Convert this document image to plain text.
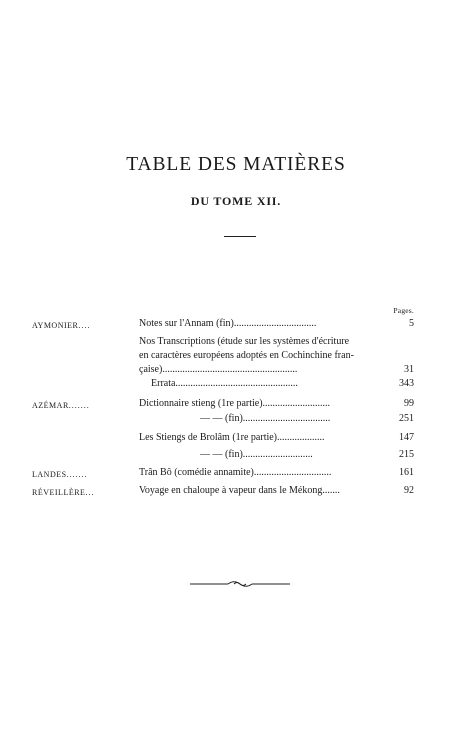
TABLE DES MATIÈRES
DU TOME XII.
Pages.
AYMONIER....	Notes sur l'Annam (fin).................................	5
Nos Transcriptions (étude sur les systèmes d'écriture
en caractères européens adoptés en Cochinchine fran-
çaise)......................................................	31
Errata.................................................	343
AZÉMAR.......	Dictionnaire stieng (1re partie)...........................	99
— — (fin)...................................	251
Les Stiengs de Brolâm (1re partie)...................	147
— — (fin)............................	215
LANDES.......	Trân Bô (comédie annamite)...............................	161
RÉVEILLÈRE...	Voyage en chaloupe à vapeur dans le Mékong.......	92
